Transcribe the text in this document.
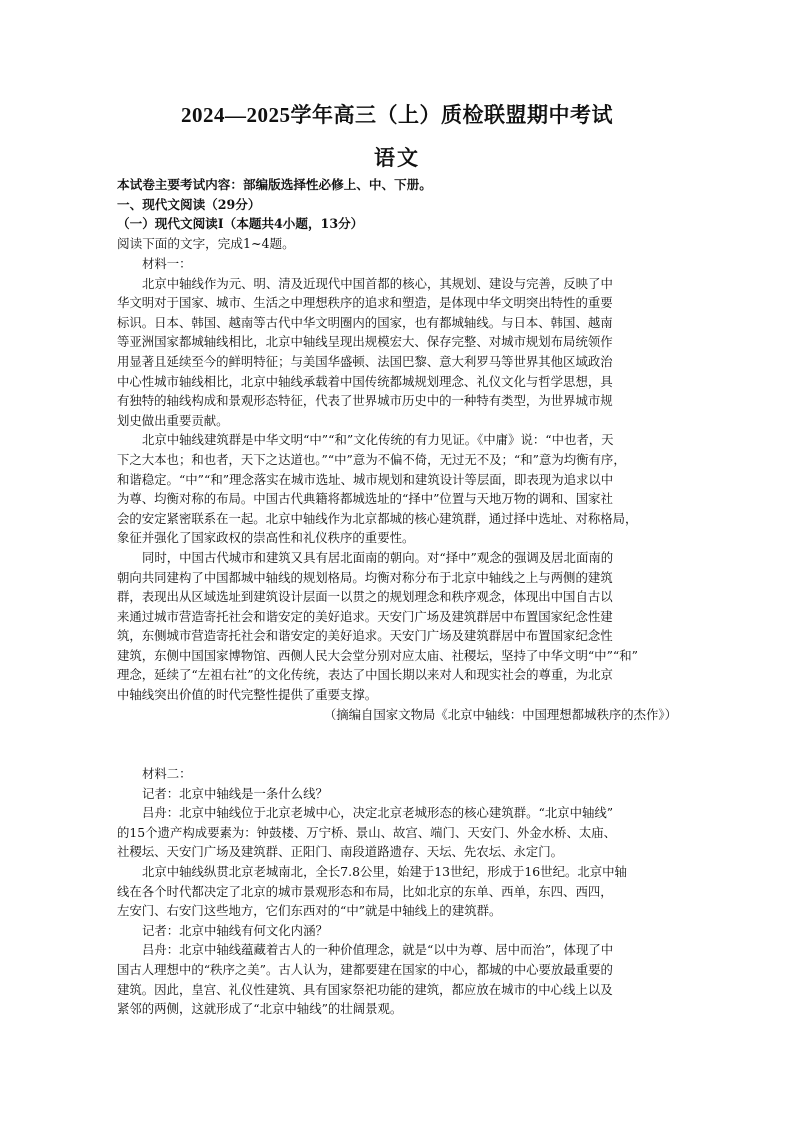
2024—2025学年高三（上）质检联盟期中考试
语文
本试卷主要考试内容：部编版选择性必修上、中、下册。
一、现代文阅读（29分）
（一）现代文阅读I（本题共4小题，13分）
阅读下面的文字，完成1~4题。
材料一：
北京中轴线作为元、明、清及近现代中国首都的核心，其规划、建设与完善，反映了中
华文明对于国家、城市、生活之中理想秩序的追求和塑造，是体现中华文明突出特性的重要
标识。日本、韩国、越南等古代中华文明圈内的国家，也有都城轴线。与日本、韩国、越南
等亚洲国家都城轴线相比，北京中轴线呈现出规模宏大、保存完整、对城市规划布局统领作
用显著且延续至今的鲜明特征；与美国华盛顿、法国巴黎、意大利罗马等世界其他区域政治
中心性城市轴线相比，北京中轴线承载着中国传统都城规划理念、礼仪文化与哲学思想，具
有独特的轴线构成和景观形态特征，代表了世界城市历史中的一种特有类型，为世界城市规
划史做出重要贡献。
北京中轴线建筑群是中华文明“中”“和”文化传统的有力见证。《中庸》说：“中也者，天
下之大本也；和也者，天下之达道也。”“中”意为不偏不倚，无过无不及；“和”意为均衡有序，
和谐稳定。“中”“和”理念落实在城市选址、城市规划和建筑设计等层面，即表现为追求以中
为尊、均衡对称的布局。中国古代典籍将都城选址的“择中”位置与天地万物的调和、国家社
会的安定紧密联系在一起。北京中轴线作为北京都城的核心建筑群，通过择中选址、对称格局，
象征并强化了国家政权的崇高性和礼仪秩序的重要性。
同时，中国古代城市和建筑又具有居北面南的朝向。对“择中”观念的强调及居北面南的
朝向共同建构了中国都城中轴线的规划格局。均衡对称分布于北京中轴线之上与两侧的建筑
群，表现出从区域选址到建筑设计层面一以贯之的规划理念和秩序观念，体现出中国自古以
来通过城市营造寄托社会和谐安定的美好追求。天安门广场及建筑群居中布置国家纪念性建
筑，东侧城市营造寄托社会和谐安定的美好追求。天安门广场及建筑群居中布置国家纪念性
建筑，东侧中国国家博物馆、西侧人民大会堂分别对应太庙、社稷坛，坚持了中华文明“中”“和”
理念，延续了“左祖右社”的文化传统，表达了中国长期以来对人和现实社会的尊重，为北京
中轴线突出价值的时代完整性提供了重要支撑。
（摘编自国家文物局《北京中轴线：中国理想都城秩序的杰作》）
材料二：
记者：北京中轴线是一条什么线？
吕舟：北京中轴线位于北京老城中心，决定北京老城形态的核心建筑群。“北京中轴线”
的15个遗产构成要素为：钟鼓楼、万宁桥、景山、故宫、端门、天安门、外金水桥、太庙、
社稷坛、天安门广场及建筑群、正阳门、南段道路遗存、天坛、先农坛、永定门。
北京中轴线纵贯北京老城南北，全长7.8公里，始建于13世纪，形成于16世纪。北京中轴
线在各个时代都决定了北京的城市景观形态和布局，比如北京的东单、西单，东四、西四，
左安门、右安门这些地方，它们东西对的“中”就是中轴线上的建筑群。
记者：北京中轴线有何文化内涵？
吕舟：北京中轴线蕴藏着古人的一种价值理念，就是“以中为尊、居中而治”，体现了中
国古人理想中的“秩序之美”。古人认为，建都要建在国家的中心，都城的中心要放最重要的
建筑。因此，皇宫、礼仪性建筑、具有国家祭祀功能的建筑，都应放在城市的中心线上以及
紧邻的两侧，这就形成了“北京中轴线”的壮阔景观。
